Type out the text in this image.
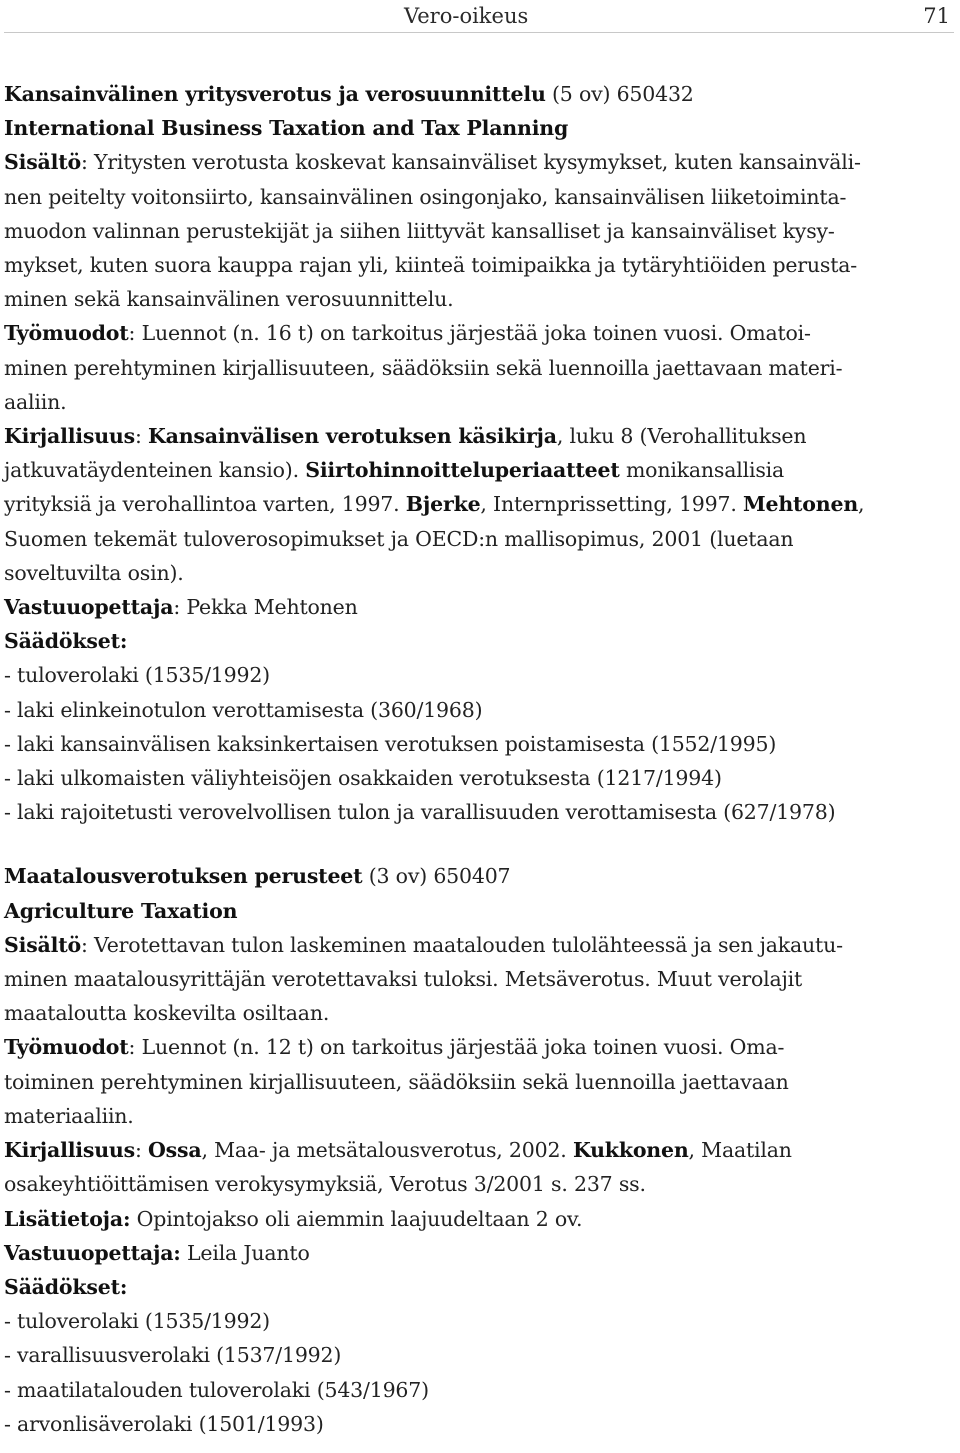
Vero-oikeus	71
Kansainvälinen yritysverotus ja verosuunnittelu (5 ov) 650432
International Business Taxation and Tax Planning
Sisältö: Yritysten verotusta koskevat kansainväliset kysymykset, kuten kansainväli-
nen peitelty voitonsiirto, kansainvälinen osingonjako, kansainvälisen liiketoiminta-
muodon valinnan perustekijät ja siihen liittyvät kansalliset ja kansainväliset kysy-
mykset, kuten suora kauppa rajan yli, kiinteä toimipaikka ja tytäryhtiöiden perusta-
minen sekä kansainvälinen verosuunnittelu.
Työmuodot: Luennot (n. 16 t) on tarkoitus järjestää joka toinen vuosi. Omatoi-
minen perehtyminen kirjallisuuteen, säädöksiin sekä luennoilla jaettavaan materi-
aaliin.
Kirjallisuus: Kansainvälisen verotuksen käsikirja, luku 8 (Verohallituksen
jatkuvatäydenteinen kansio). Siirtohinnoitteluperiaatteet monikansallisia
yrityksiä ja verohallintoa varten, 1997. Bjerke, Internprissetting, 1997. Mehtonen,
Suomen tekemät tuloverosopimukset ja OECD:n mallisopimus, 2001 (luetaan
soveltuvilta osin).
Vastuuopettaja: Pekka Mehtonen
Säädökset:
- tuloverolaki (1535/1992)
- laki elinkeinotulon verottamisesta (360/1968)
- laki kansainvälisen kaksinkertaisen verotuksen poistamisesta (1552/1995)
- laki ulkomaisten väliyhteisöjen osakkaiden verotuksesta (1217/1994)
- laki rajoitetusti verovelvollisen tulon ja varallisuuden verottamisesta (627/1978)
Maatalousverotuksen perusteet (3 ov) 650407
Agriculture Taxation
Sisältö: Verotettavan tulon laskeminen maatalouden tulolähteessä ja sen jakautu-
minen maatalousyrittäjän verotettavaksi tuloksi. Metsäverotus. Muut verolajit
maataloutta koskevilta osiltaan.
Työmuodot: Luennot (n. 12 t) on tarkoitus järjestää joka toinen vuosi. Oma-
toiminen perehtyminen kirjallisuuteen, säädöksiin sekä luennoilla jaettavaan
materiaaliin.
Kirjallisuus: Ossa, Maa- ja metsätalousverotus, 2002. Kukkonen, Maatilan
osakeyhtiöittämisen verokysymyksiä, Verotus 3/2001 s. 237 ss.
Lisätietoja: Opintojakso oli aiemmin laajuudeltaan 2 ov.
Vastuuopettaja: Leila Juanto
Säädökset:
- tuloverolaki (1535/1992)
- varallisuusverolaki (1537/1992)
- maatilatalouden tuloverolaki (543/1967)
- arvonlisäverolaki (1501/1993)
